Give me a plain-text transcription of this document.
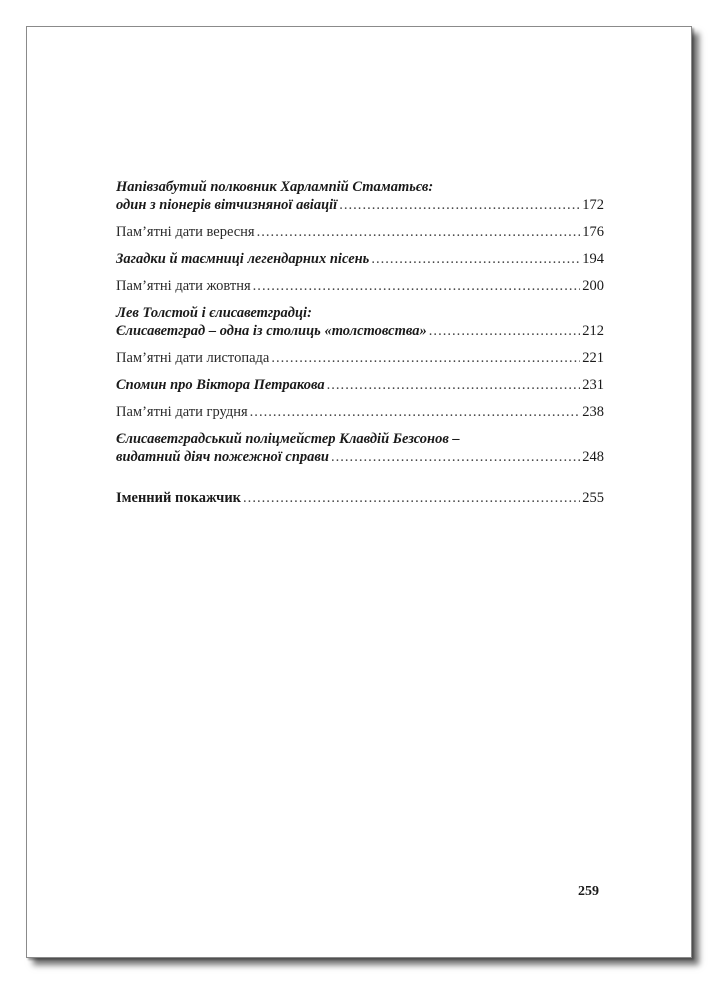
Напівзабутий полковник Харлампій Стаматьєв:
один з піонерів вітчизняної авіації . . .	172
Пам’ятні дати вересня . . .	176
Загадки й таємниці легендарних пісень . . .	194
Пам’ятні дати жовтня . . .	200
Лев Толстой і єлисаветградці:
Єлисаветград – одна із столиць «толстовства» . . .	212
Пам’ятні дати листопада . . .	221
Спомин про Віктора Петракова . . .	231
Пам’ятні дати грудня . . .	238
Єлисаветградський поліцмейстер Клавдій Безсонов –
видатний діяч пожежної справи . . .	248
Іменний покажчик . . .	255
259
